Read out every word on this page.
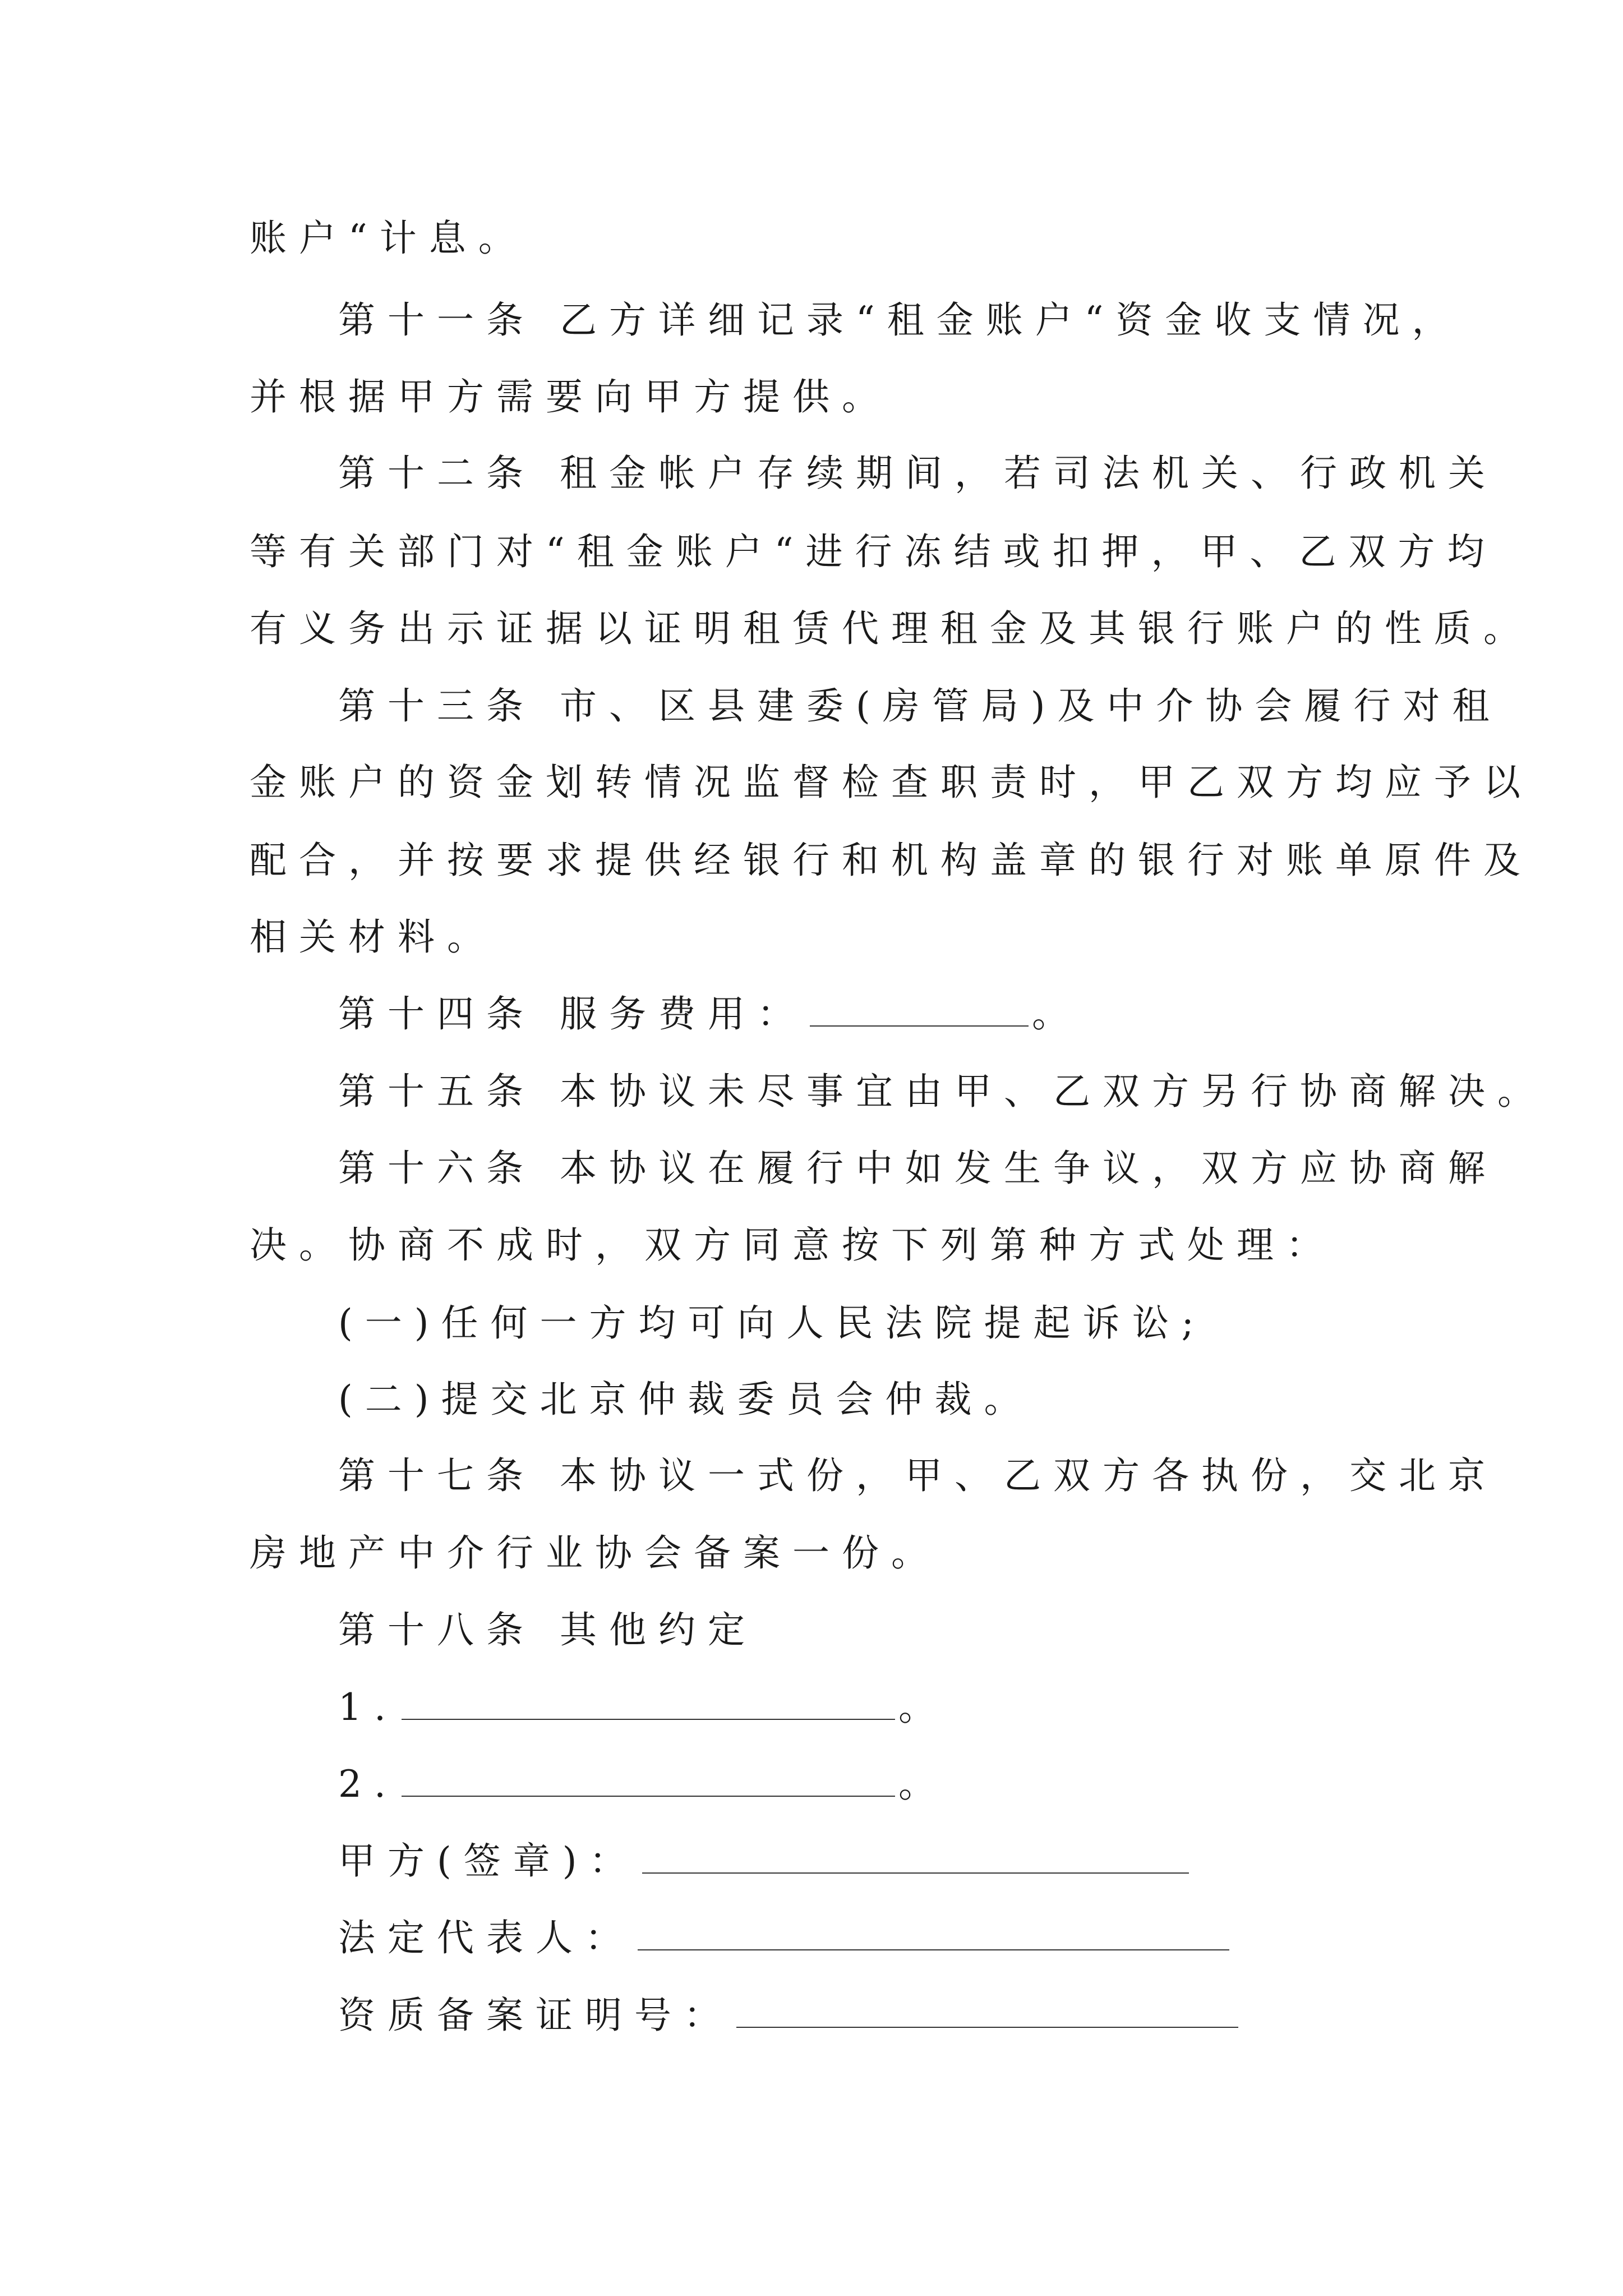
账户“计息。
第十一条 乙方详细记录“租金账户“资金收支情况，
并根据甲方需要向甲方提供。
第十二条 租金帐户存续期间，若司法机关、行政机关
等有关部门对“租金账户“进行冻结或扣押，甲、乙双方均
有义务出示证据以证明租赁代理租金及其银行账户的性质。
第十三条 市、区县建委(房管局)及中介协会履行对租
金账户的资金划转情况监督检查职责时，甲乙双方均应予以
配合，并按要求提供经银行和机构盖章的银行对账单原件及
相关材料。
第十四条 服务费用：	。
第十五条 本协议未尽事宜由甲、乙双方另行协商解决。
第十六条 本协议在履行中如发生争议，双方应协商解
决。协商不成时，双方同意按下列第种方式处理：
(一)任何一方均可向人民法院提起诉讼;
(二)提交北京仲裁委员会仲裁。
第十七条 本协议一式份，甲、乙双方各执份，交北京
房地产中介行业协会备案一份。
第十八条 其他约定
1.	。
2.	。
甲方(签章)：
法定代表人：
资质备案证明号：
